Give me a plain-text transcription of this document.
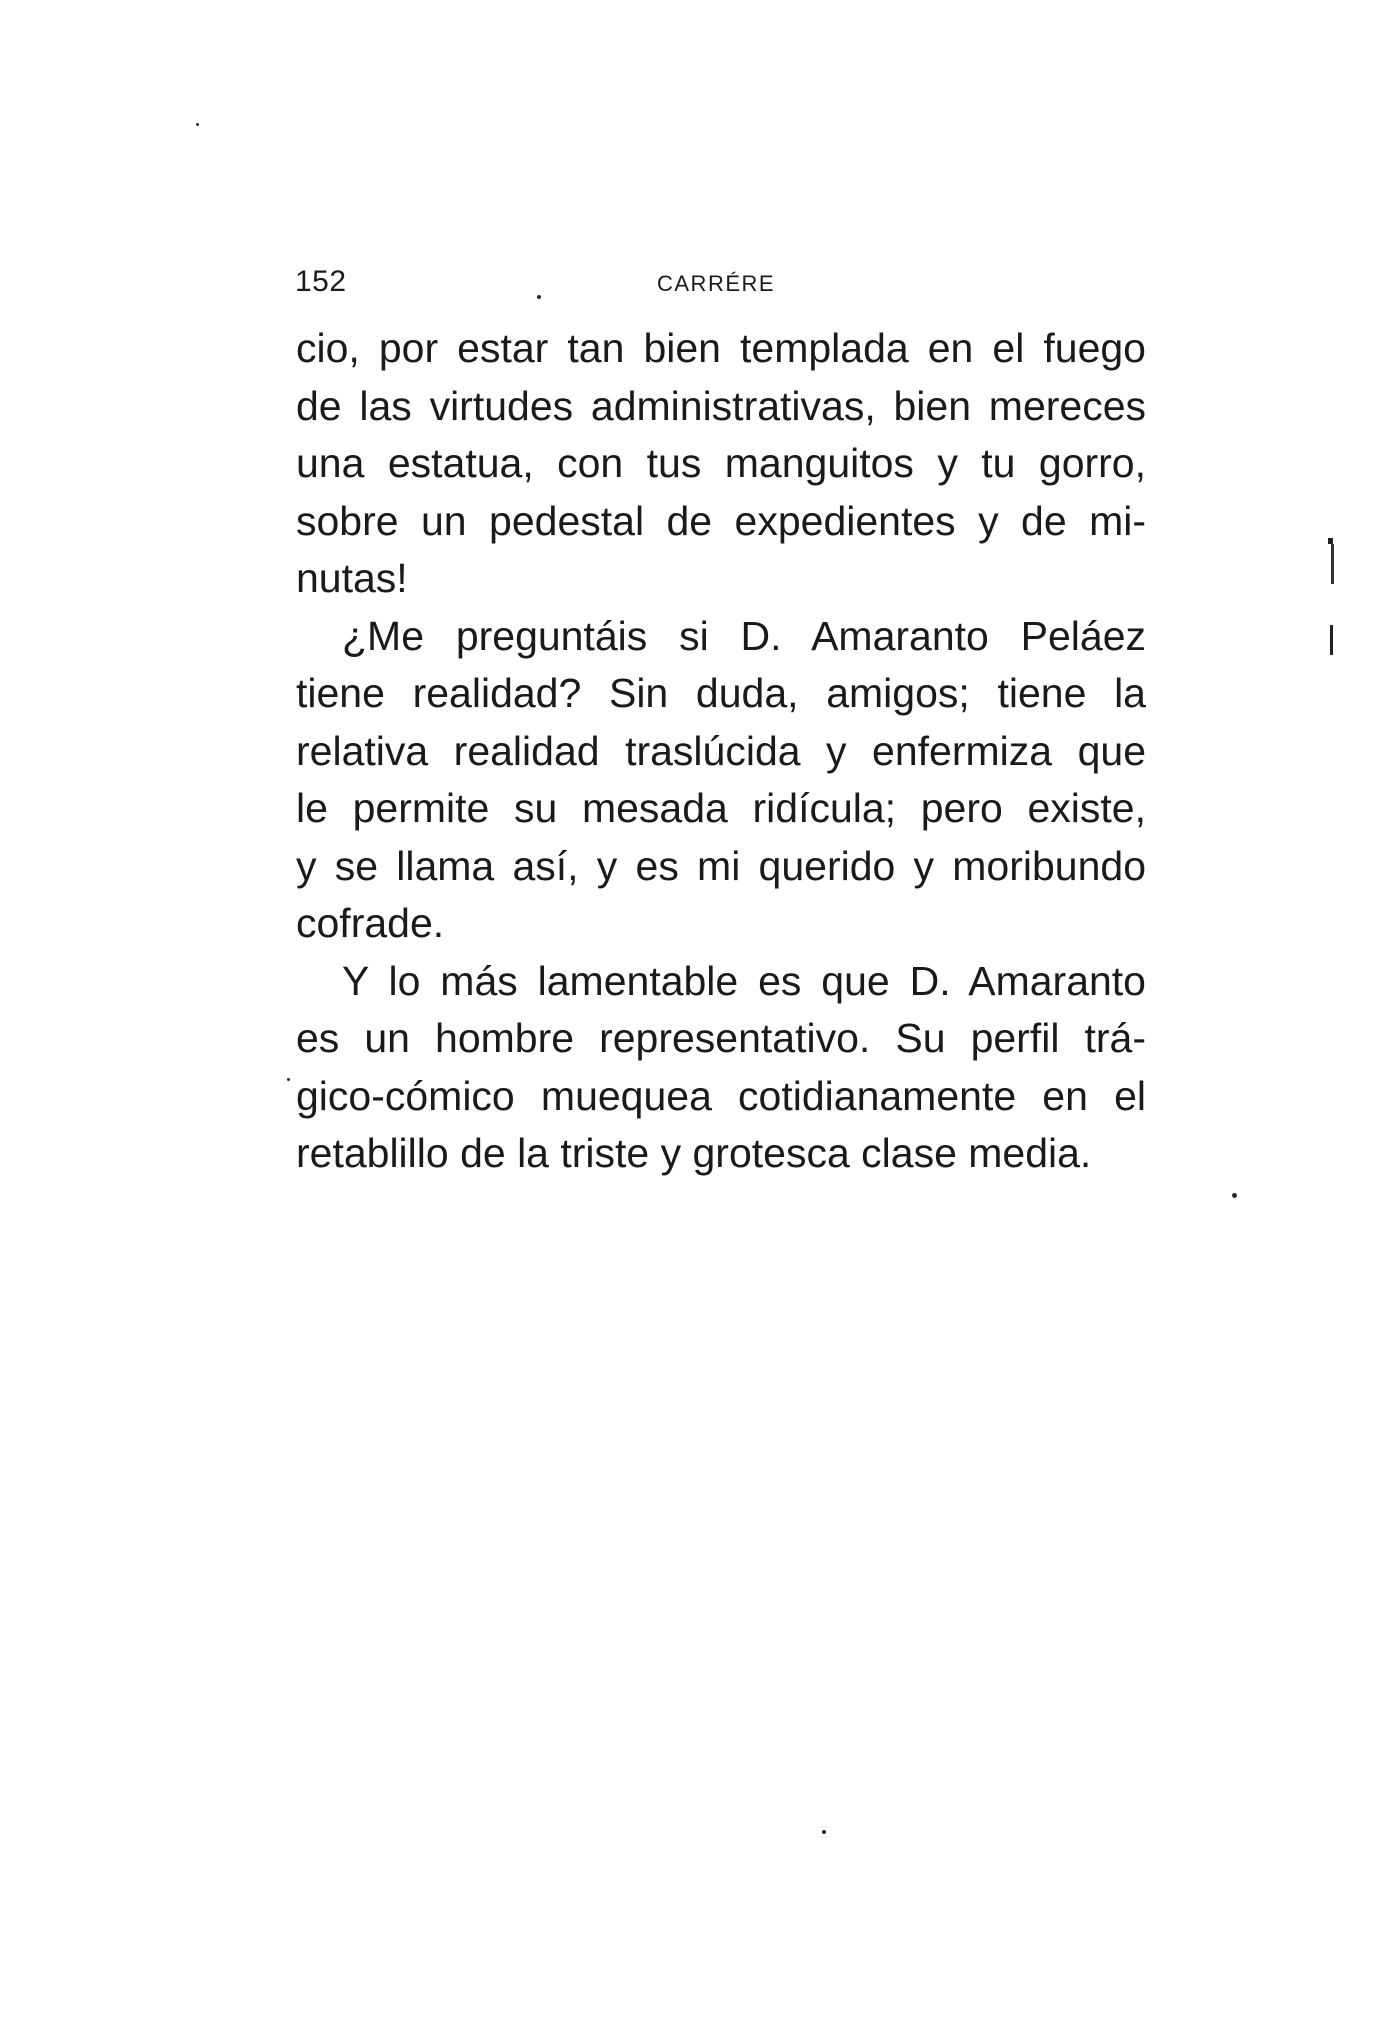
152	CARRÉRE
cio, por estar tan bien templada en el fuego
de las virtudes administrativas, bien mereces
una estatua, con tus manguitos y tu gorro,
sobre un pedestal de expedientes y de mi-
nutas!
¿Me preguntáis si D. Amaranto Peláez
tiene realidad? Sin duda, amigos; tiene la
relativa realidad traslúcida y enfermiza que
le permite su mesada ridícula; pero existe,
y se llama así, y es mi querido y moribundo
cofrade.
Y lo más lamentable es que D. Amaranto
es un hombre representativo. Su perfil trá-
gico-cómico muequea cotidianamente en el
retablillo de la triste y grotesca clase media.
